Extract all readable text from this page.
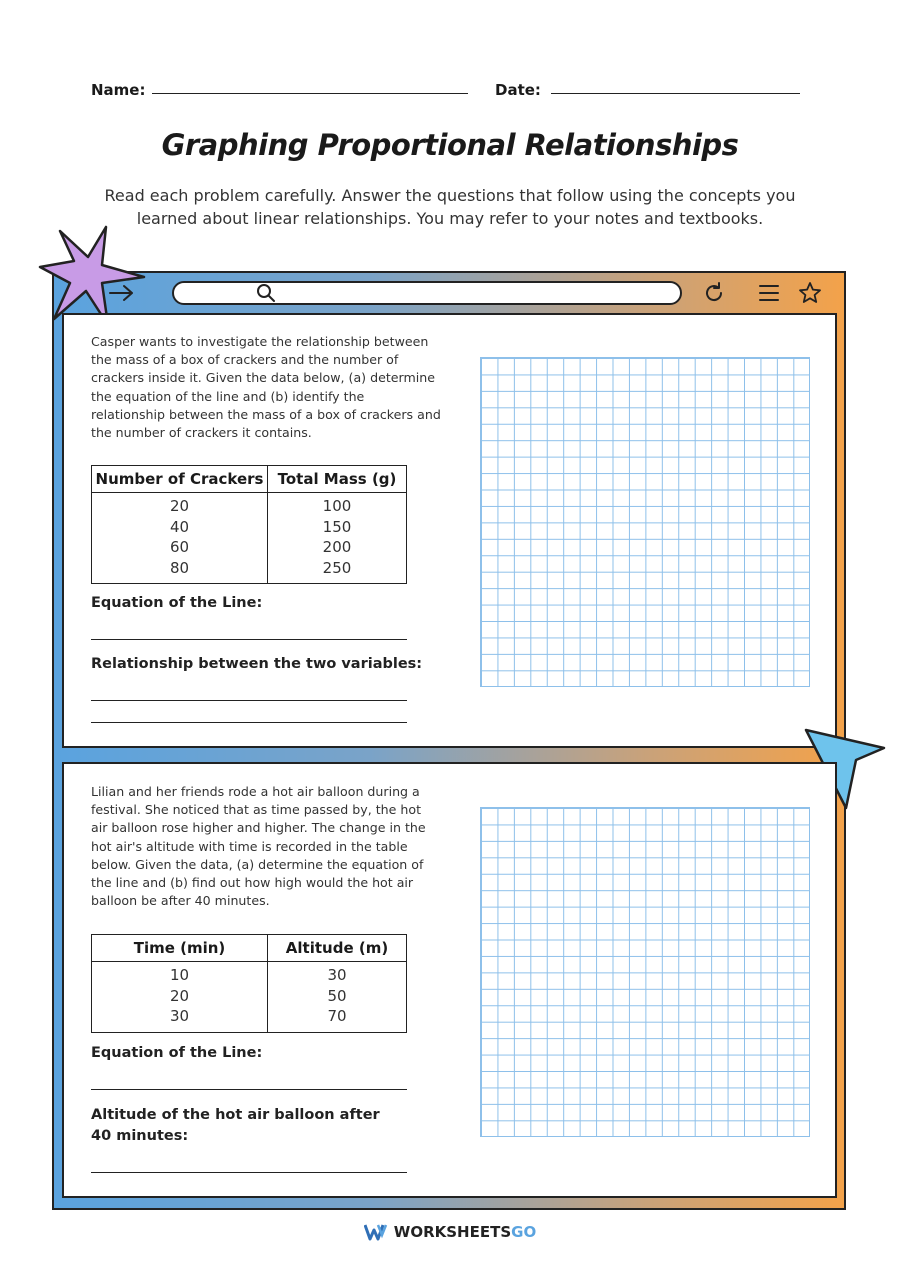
Name:	Date:
Graphing Proportional Relationships
Read each problem carefully. Answer the questions that follow using the concepts you learned about linear relationships. You may refer to your notes and textbooks.
Casper wants to investigate the relationship between the mass of a box of crackers and the number of crackers inside it. Given the data below, (a) determine the equation of the line and (b) identify the relationship between the mass of a box of crackers and the number of crackers it contains.
Number of Crackers	Total Mass (g)
20	100
40	150
60	200
80	250
Equation of the Line:
Relationship between the two variables:
Lilian and her friends rode a hot air balloon during a festival. She noticed that as time passed by, the hot air balloon rose higher and higher. The change in the hot air's altitude with time is recorded in the table below. Given the data, (a) determine the equation of the line and (b) find out how high would the hot air balloon be after 40 minutes.
Time (min)	Altitude (m)
10	30
20	50
30	70
Equation of the Line:
Altitude of the hot air balloon after 40 minutes:
WORKSHEETS GO
